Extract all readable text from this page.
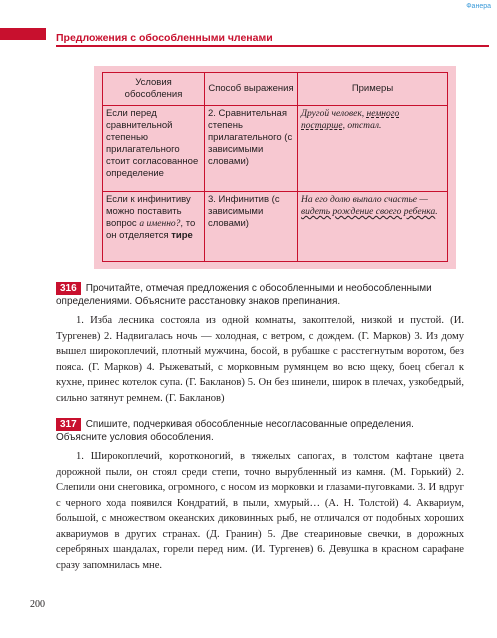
Фанера
Предложения с обособленными членами
Условия обособления	Способ выражения	Примеры
Если перед сравнительной степенью прилагательного стоит согласованное определение	2. Сравнительная степень прилагательного (с зависимыми словами)	Другой человек, немного постарше, отстал.
Если к инфинитиву можно поставить вопрос а именно?, то он отделяется тире	3. Инфинитив (с зависимыми словами)	На его долю выпало счастье — видеть рождение своего ребенка.
316 Прочитайте, отмечая предложения с обособленными и необособленными определениями. Объясните расстановку знаков препинания.
1. Изба лесника состояла из одной комнаты, закоптелой, низкой и пустой. (И. Тургенев) 2. Надвигалась ночь — холодная, с ветром, с дождем. (Г. Марков) 3. Из дому вышел широкоплечий, плотный мужчина, босой, в рубашке с расстегнутым воротом, без пояса. (Г. Марков) 4. Рыжеватый, с морковным румянцем во всю щеку, боец сбегал к кухне, принес котелок супа. (Г. Бакланов) 5. Он без шинели, широк в плечах, узкобедрый, сильно затянут ремнем. (Г. Бакланов)
317 Спишите, подчеркивая обособленные несогласованные определения. Объясните условия обособления.
1. Широкоплечий, коротконогий, в тяжелых сапогах, в толстом кафтане цвета дорожной пыли, он стоял среди степи, точно вырубленный из камня. (М. Горький) 2. Слепили они снеговика, огромного, с носом из морковки и глазами-пуговками. 3. И вдруг с черного хода появился Кондратий, в пыли, хмурый… (А. Н. Толстой) 4. Аквариум, большой, с множеством океанских диковинных рыб, не отличался от подобных хороших аквариумов в других странах. (Д. Гранин) 5. Две стеариновые свечки, в дорожных серебряных шандалах, горели перед ним. (И. Тургенев) 6. Девушка в красном сарафане сразу запомнилась мне.
200
